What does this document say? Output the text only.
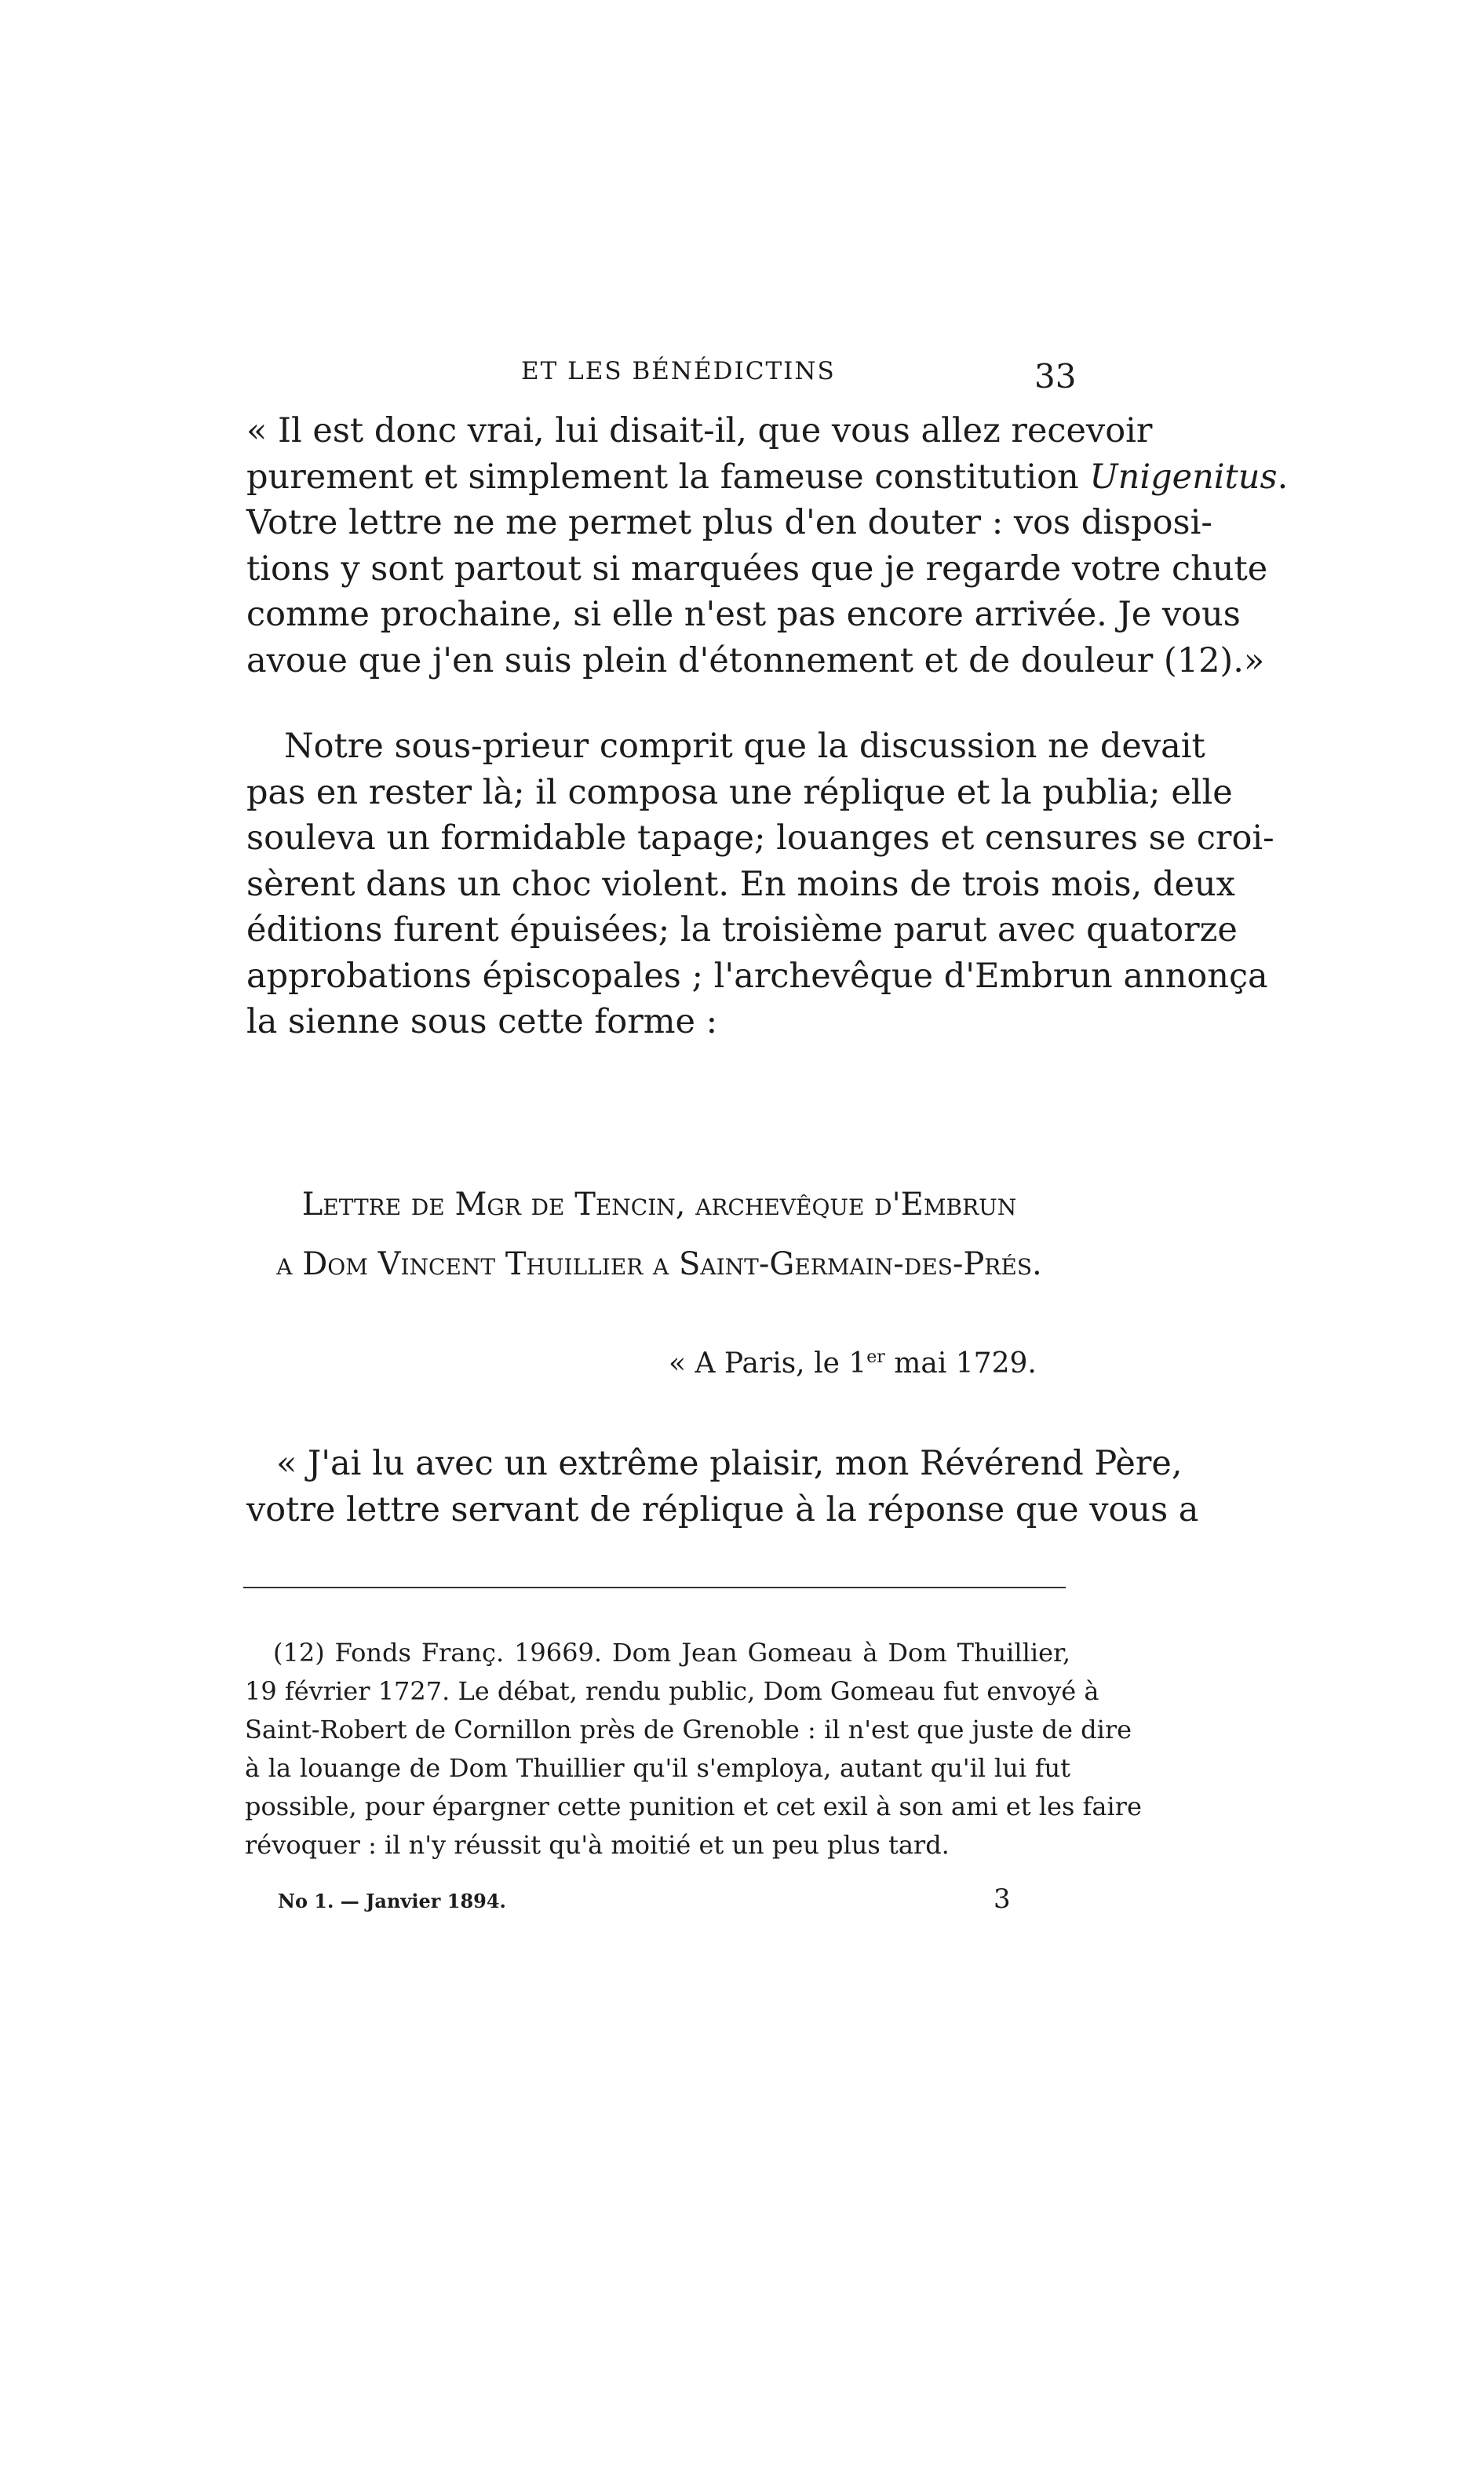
ET LES BÉNÉDICTINS	33
« Il est donc vrai, lui disait-il, que vous allez recevoir
purement et simplement la fameuse constitution Unigenitus.
Votre lettre ne me permet plus d'en douter : vos disposi-
tions y sont partout si marquées que je regarde votre chute
comme prochaine, si elle n'est pas encore arrivée. Je vous
avoue que j'en suis plein d'étonnement et de douleur (12).»
Notre sous-prieur comprit que la discussion ne devait
pas en rester là; il composa une réplique et la publia; elle
souleva un formidable tapage; louanges et censures se croi-
sèrent dans un choc violent. En moins de trois mois, deux
éditions furent épuisées; la troisième parut avec quatorze
approbations épiscopales ; l'archevêque d'Embrun annonça
la sienne sous cette forme :
Lettre de Mgr de Tencin, archevêque d'Embrun
a Dom Vincent Thuillier a Saint-Germain-des-Prés.
« A Paris, le 1er mai 1729.
« J'ai lu avec un extrême plaisir, mon Révérend Père,
votre lettre servant de réplique à la réponse que vous a
(12) Fonds Franç. 19669. Dom Jean Gomeau à Dom Thuillier,
19 février 1727. Le débat, rendu public, Dom Gomeau fut envoyé à
Saint-Robert de Cornillon près de Grenoble : il n'est que juste de dire
à la louange de Dom Thuillier qu'il s'employa, autant qu'il lui fut
possible, pour épargner cette punition et cet exil à son ami et les faire
révoquer : il n'y réussit qu'à moitié et un peu plus tard.
No 1. — Janvier 1894.	3
